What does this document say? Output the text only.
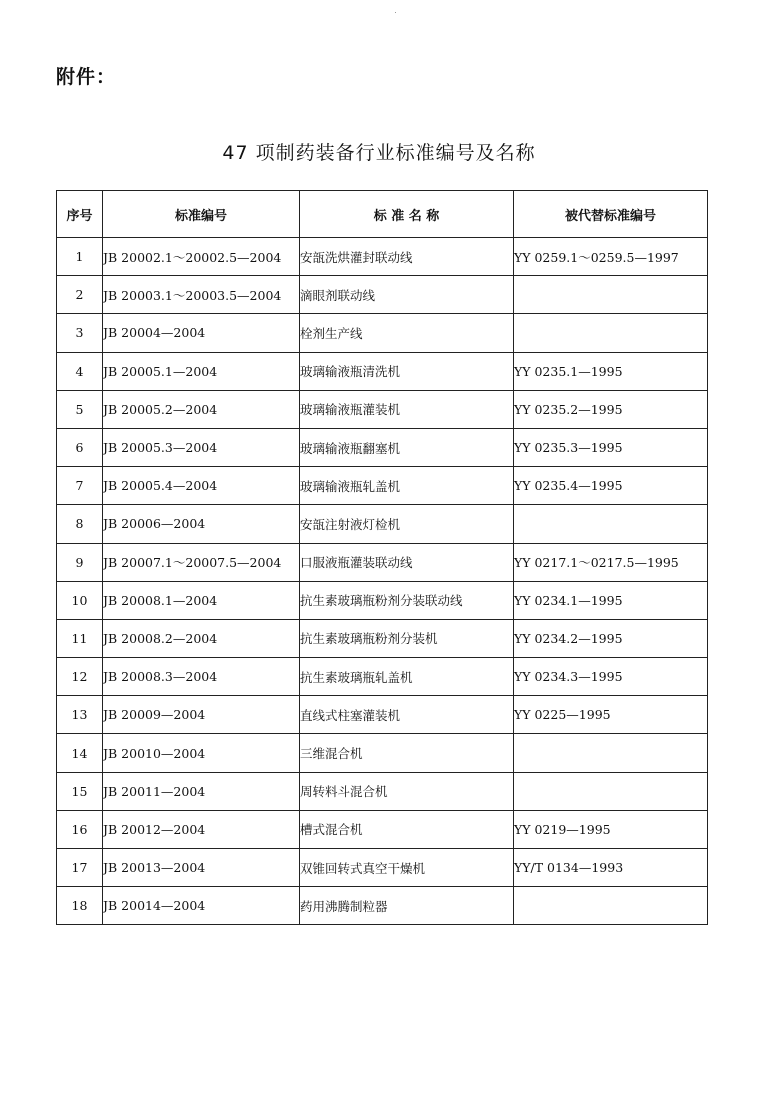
附件：
47 项制药装备行业标准编号及名称
序号	标准编号	标 准 名 称	被代替标准编号
1	JB 20002.1～20002.5—2004	安瓿洗烘灌封联动线	YY 0259.1～0259.5—1997
2	JB 20003.1～20003.5—2004	滴眼剂联动线	
3	JB 20004—2004	栓剂生产线	
4	JB 20005.1—2004	玻璃输液瓶清洗机	YY 0235.1—1995
5	JB 20005.2—2004	玻璃输液瓶灌装机	YY 0235.2—1995
6	JB 20005.3—2004	玻璃输液瓶翻塞机	YY 0235.3—1995
7	JB 20005.4—2004	玻璃输液瓶轧盖机	YY 0235.4—1995
8	JB 20006—2004	安瓿注射液灯检机	
9	JB 20007.1～20007.5—2004	口服液瓶灌装联动线	YY 0217.1～0217.5—1995
10	JB 20008.1—2004	抗生素玻璃瓶粉剂分装联动线	YY 0234.1—1995
11	JB 20008.2—2004	抗生素玻璃瓶粉剂分装机	YY 0234.2—1995
12	JB 20008.3—2004	抗生素玻璃瓶轧盖机	YY 0234.3—1995
13	JB 20009—2004	直线式柱塞灌装机	YY 0225—1995
14	JB 20010—2004	三维混合机	
15	JB 20011—2004	周转料斗混合机	
16	JB 20012—2004	槽式混合机	YY 0219—1995
17	JB 20013—2004	双锥回转式真空干燥机	YY/T 0134—1993
18	JB 20014—2004	药用沸腾制粒器	
